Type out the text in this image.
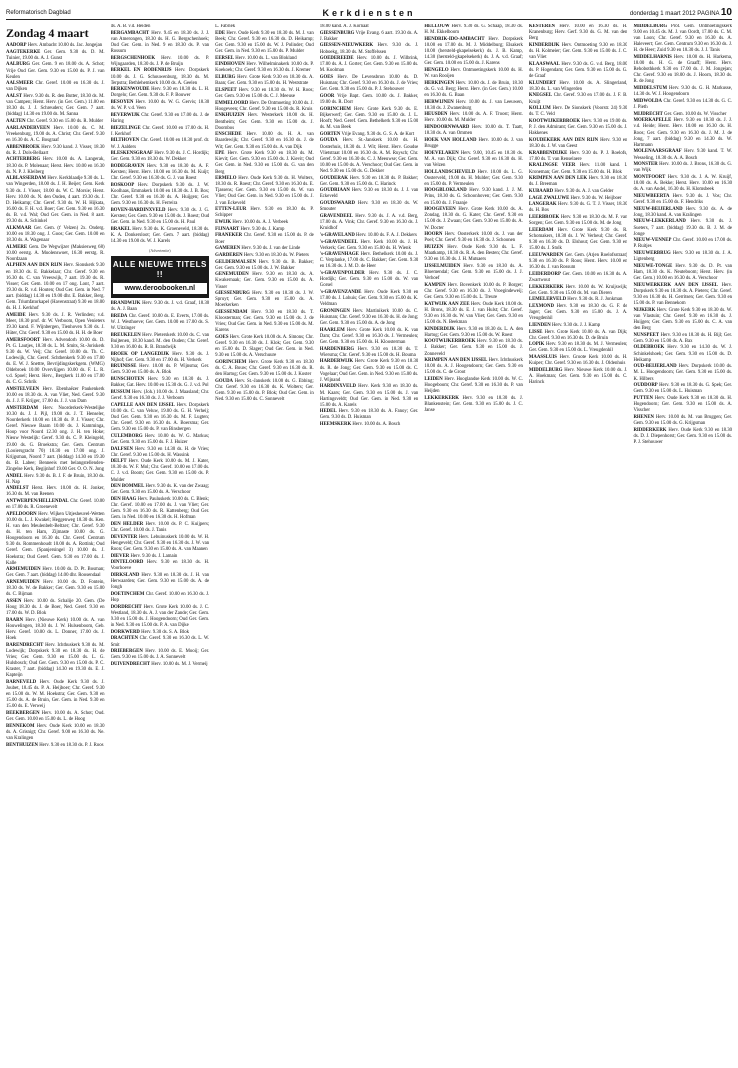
Reformatorisch Dagblad	Kerkdiensten	donderdag 1 maart 2012 PAGINA 10
Zondag 4 maart

AADORP Herv. Ambacht 10.00 ds. Jac. Jongejan

AAGTEKERKE Ger. Gem. 9.30 ds. D. M. Tuinier, 19.00 ds. A. J. Gunst

AALBURG Ger. Gem. 9 en 18.00 ds. A. Schot; Vrije Oud Ger. Gem. 9.30 en 15.00 ds. P. J. van Keulen

AALSMEER Chr. Geref. 10.00 en 16.30 ds. J. van Dijken

AALST Herv. 9.30 ds. R. den Butter, 18.30 ds. M. van Campen; Herst. Herv. (in Ger. Gem.) 11.00 en 18.30 ds. J. J. Schreuders; Ger. Gem. 7 aart. (biddag) 14.30 en 19.00 ds. M. Sanna

AALTEN Chr. Geref. 9.30 en 15.00 ds. R. Mulder

AARLANDERVEEN Herv. 10.00 ds. C. M. Vreekenburg, 19.00 ds. A. Christ; Chr. Geref. 9.30 en 16.30 ds. A. C. Bosgraaf

ABBENBROEK Herv. 9.30 kand. J. Visser, 18.30 ds. R. J. Dols-Bellaart

ACHTERBERG Herv. 10.00 ds. A. Langerak, 18.30 ds. P. Molenaar; Herst. Herv. 10.00 en 16.30 ds. N. P. J. Kleiberg

ALBLASSERDAM Herv. Kerkblaadje 9.30 ds. L. van Wingerden, 18.00 ds. J. H. Beijer; Gem. Kerk 9.30 ds. J. Visser, 18.00 ds. W. C. Morsie; Herst. Herv. 10.00 ds. N. den Ouden, 4 aart. 19.30 ds. J. D. Heikamp; Chr. Geref. 9.30 ds. W. H. Hijkata, 16.00 ds. F. H. v.d. Boer; Ger. Gem. 9.30 en 16.30 ds. B. v.d. Wal; Oud Ger. Gem. in Ned. 8 aart. 19.30 ds. A. Schinkel

ALKMAAR Ger. Gem. (t' Velzen) 2x. Onderg. 10.00 en 18.30 ong. J. Goos; Ger. Gem. 10.00 en 18.30 ds. A. Wagenaar

ALMERE Gem. De Wegwijzer (Maksiesweg 68) 10.00 eerstg. A. Moolenswoet, 16.30 eerstg. R. Noordzaan

ALPHEN AAN DEN RIJN Herv. Sionskerk 9.30 en 18.30 ds. E. Bakkelaar; Chr. Geref. 9.30 en 16.30 ds. C. van Vreeswijk, 7 aart. 19.30 ds. R. Visser; Ger. Gem. 10.00 en 17 ong. Lont, 7 aart. 19.30 ds. R. v.d. Houten; Oud Ger. Gem. in Ned. 7 aart. (biddag) 14.30 en 19.00 dhr. E. Bakker, Berg. Gem. Triumfatorkapel (Havenstraat) 9.30 en 18.00 ds. H. J. Kerkhof

AMEIDE Herv. 9.30 ds. J. R. Verlinden; v.d. Meer, 18.30 prof. dr. W. Verboom, Open Venieters 19.30 kand. F. Wijnbergen, Tienhoven 9.30 ds. J. Hüter, Chr. Geref. 9.30 en 15.00 ds. H. H. de Boer

AMERSFOORT Herv. Advendorh 10.00 ds. D. Pt. G. Lautjes, 18.30 ds. L. M. Smits, St.-Joriskerk 9.30 ds. W. Veij; Chr. Geref. 10.00 ds. Th. C. Lodewijk, Chr. Geref. Schthenkerk 9.30 en 17.00 ds. E. W. J. Snettre, Bevrijdingskerkgem. (WMG) Oldebroek 10.00 Overvlijgen 10.00 ds. F. L. R. v.d. Spoel; Herst. Herv., Bergkerk 11.00 en 17.00 ds. C. G. Schrik

AMSTELVEEN Herv. Ebenhaëzer Paukenkerk 10.00 en 18.30 ds. A. van Vliet, Ned. Geref. 9.30 ds. J. J. F. Krijger, 17.00 ds. J. J. van Dam

AMSTERDAM Herv. Noorderkerk-Westelijke 10.30 ds. J. J. Pijl, 19.00 ds. J. T. Henseler, Noorderkerk 10.00 en 18.30 ds. P. J. Visser; Chr. Geref. Nieuwe Baarn 10.00 ds. J. Kamminga, Hoop voor Noord 12.30 ong. J. H. ten Hoke; Nieuw Westelijk: Geref. 9.30 ds. C. P. Kleingeld, 19.00 ds. G. Broekstra; Ger. Gem. Centrum (Looiersgracht 70) 10.30 en 17.00 ong. J. Krijgsman, Noord 7 aart. (biddag) 14.30 en 19.30 ds. B. Labee; Benneeis met belangstellenden-Zingelse Kerk, Begijnhof 19.00 Ger. O. O. N. Jong

ANDEL Herv. 9.30 ds. B. J. F. de Bruin, 18.30 ds. H. Nap

ANDELST Herst. Herv. 10.00 ds. H. Jonker, 16.30 ds. M. van Reenen

ANTWERPEN/HELLENDAL Chr. Geref. 10.00 en 17.00 ds. R. Groenevelt

APELDOORN Herv. Wijken Uitjesheuvel-Wetten 10.00 ds. L. J. Kwakel; Heggenweg 18.30 ds. Ken. H. van den Meulenbelt-Beltzer; Chr. Geref. 9.30 ds. H. ten Ham, Zijmaste 10.00 ds. G. Hoogendoorn en 16.30 ds. Chr. Geref. Centrum 9.30 ds. Rommenhoudt 10.00 ds. A. Rottink; Oud Geref. Gem. (Spanjersingel 3) 10.00 ds. J. Hoekstra; Oud Geref. Gem. 9.30 en 17.00 ds. J. Kalle

ARMEMUIDEN Herv. 10.00 ds. D. Pt. Bosman; Ger. Gem. 7 aart. (biddag) 14.00 dhr. Roosendaal

ARNEMUIDEN Herv. 10.00 ds. D. Fontein, 18.30 ds. W. de Bakker; Ger. Gem. 9.30 en 15.00 ds. C. Bijman

ASSEN Herv. 10.00 ds. Schalije 20. Gem. (De Hoog 18.30 ds. J. de Boer, Ned. Geref. 9.30 en 17.00 ds. W. D. Blok

BAARN Herv. (Nieuwe Kerk) 10.00 ds. A. van Houwelingen, 18.30 ds. J. W. Hulsenboom, Geb. Herv. Geref. 10.00 ds. L. Donner, 17.00 ds. J. Hoek

BARENDRECHT Herv. Ichthuskerk 9.30 ds. M. Lodewijk; Dorpskerk 9.30 en 18.30 ds. H. de Vries; Ger. Gem. 9.30 en 15.00 ds. L. G. Hulsbosch; Oud Ger. Gem. 9.30 en 15.00 ds. P. C. Kraster, 7 aart. (biddag) 14.30 en 19.30 ds. E. J. Kapteijn

BARNEVELD Herv. Oude Kerk 9.30 ds. J. Joubet, 18.45 ds. P. A. Heijboer; Chr. Geref. 9.30 en 15.00 ds. W. M. Hoekstra; Ger. Gem. 9.30 en 15.00 ds. A. de Bruin, Ger. Gem. in Ned. 9.30 en 15.00 ds. E. Verweij

BEEKBERGEN Herv. 10.00 ds. A. Schot; Oud. Ger. Gem. 10.00 en 15.00 ds. L. de Hoog

BENNEKOM Herv. Oude Kerk 10.00 en 18.30 ds. A. Grisnigt; Chr. Geref. 9.00 en 16.30 ds. Ne. van Kralingen

BENTHUIZEN Herv. 9.30 en 18.30 ds. P. J. Roos

ds. A. B. v.d. Heiden

BERGAMBACHT Herv. 9.45 en 18.30 ds. J. J. van Amerongen, 18.30 ds. H. G. Bergschenhoek; Oud Ger. Gem. in Ned. 9 en 18.30 ds. P. van Rossum

BERGSCHENHOEK Herv. 10.00 ds. P. Wijngaarden, 18.30 ds. J. P. de Bruijn

BERKEL EN RODENRIJS Herv. Dorpskerk 10.00 ds. J. G. Schouwenburg, 18.30 ds. M. Terpstra; Bethlehemkerk 10.00 ds. A. Geelen

BERKENWOUDE Herv. 9.30 en 18.30 ds. L. H. Dorgelo; Ger. Gem. 9.30 ds. F. P. Bouwer

BESOYEN Herv. 10.00 ds. W. G. Gervis; 18.30 ds. W. P. v.d. Veen

BEVERWIJK Chr. Geref. 9.30 en 17.00 ds. J. de Haring

BIEZELINGE Chr. Geref. 10.00 en 17.00 ds. H. J. Kerkhof

BILTHOVEN Chr. Geref. 10.00 en 18.30 prof. dr. W. J. Aalders

BLESKENSGRAAF Herv. 9.30 ds. J. C. Hordijk; Ger. Gem. 9.30 en 18.30 ds. W. Dekker

BODEGRAVEN Herv. 9.30 en 18.30 ds. A. F. Kersten; Herst. Herv. 10.00 en 16.30 ds. M. Kuijt; Chr. Geref. 9.30 en 16.30 ds. G. J. van Roest

BOSKOOP Herv. Dorpskerk 9.30 ds. J. W. Koolhaas, Emmakerk 10.00 en 18.30 ds. J. B. Bos; Chr. Geref. 9.30 en 16.30 ds. A. Huijgen; Ger. Gem. 9.30 en 16.30 ds. H. Ferreira

BOVEN-HARDINXVELD Herv. 9.30 ds. J. G. Kersten; Ger. Gem. 9.30 en 15.00 ds. J. Roest; Oud Ger. Gem. in Ned. 9.30 en 15.00 ds. H. Paul

BRAKEL Herv. 9.30 ds. K. Groeneveld, 18.30 ds. K. A. Donkersloot; Ger. Gem. 7 aart. (biddag) 14.30 en 19.00 ds. W. J. Karels

(Advertentie)
ALLE NIEUWE TITELS !!
www.deroobooken.nl

BRANDWIJK Herv. 9.30 ds. J. v.d. Graaf, 18.30 ds. A. J. Baan

BREDA Chr. Geref. 10.00 ds. E. Everts, 17.00 ds. W. J. Westhoeve; Ger. Gem. 10.00 en 17.00 ds. S. W. Uitzinger

BREUKELEN Herv. Pieterskerk 10.00 ds. C. van Buijtenen, 18.30 kand. M. den Ouden; Chr. Geref. 9.30 en 16.00 ds. R. B. Brandwijk

BROEK OP LANGEDIJK Herv. 9.30 ds. J. Nijhof; Ger. Gem. 9.30 en 17.00 ds. H. Verkerk

BRUINISSE Herv. 10.00 ds. P. Wijnsma; Ger. Gem. 9.30 en 15.00 ds. A. Blok

BUNSCHOTEN Herv. 9.30 en 18.30 ds. J. Bakker, Gat. Herv. 10.00 en 15.30 ds. G. J. v.d. Pol

BUSSUM Herv. (Joh.) 10.00 ds. J. Maasland; Chr. Geref. 9.30 en 16.30 ds. J. J. Verboom

CAPELLE AAN DEN IJSSEL Herv. Dorpskerk 10.00 ds. C. van Veluw, 19.00 ds. G. H. Verheij; Oud Ger. Gem. 9.30 en 16.30 ds. M. F. Lugten; Chr. Geref. 9.30 en 16.30 ds. A. Boersma; Ger. Gem. 9.30 en 15.00 ds. P. van Binsbergen

CULEMBORG Herv. 10.00 ds. W. G. Markus; Ger. Gem. 9.30 en 15.00 ds. F. J. Huizer

DALFSEN Herv. 9.30 en 14.30 ds. H. de Vries; Chr. Geref. 9.30 en 15.00 ds. H. Wassink

DELFT Herv. Oude Kerk 10.00 ds. M. J. Kater, 18.30 ds. W. F. Mol; Chr. Geref. 10.00 en 17.00 ds. C. J. v.d. Boom; Ger. Gem. 9.30 en 15.00 ds. P. Mulder

DEN BOMMEL Herv. 9.30 ds. K. van der Zwaag; Ger. Gem. 9.30 en 15.00 ds. A. Verschoor

DEN HAAG Herv. Pauluskerk 10.00 ds. C. Blenk; Chr. Geref. 10.00 en 17.00 ds. J. van Vliet; Ger. Gem. 9.30 en 16.30 ds. R. Kattenberg; Oud Ger. Gem. in Ned. 10.00 en 16.30 ds. H. Hofman

DEN HELDER Herv. 10.00 ds. P. C. Kuijpers; Chr. Geref. 10.00 ds. J. Tanis

DEVENTER Herv. Lebuinuskerk 10.00 ds. W. H. Hengeveld; Chr. Geref. 9.30 en 16.30 ds. J. W. van Roon; Ger. Gem. 9.30 en 15.00 ds. A. van Maanen

DIEVER Herv. 9.30 ds. J. Lamain

DINTELOORD Herv. 9.30 en 18.30 ds. H. Voorhoeve

DIRKSLAND Herv. 9.30 en 18.30 ds. J. H. van Herwaarden; Ger. Gem. 9.30 en 15.00 ds. A. de Jongh

DOETINCHEM Chr. Geref. 10.00 en 16.30 ds. J. Hop

DORDRECHT Herv. Grote Kerk 10.00 ds. J. C. Westland, 18.30 ds. A. J. van der Zande; Ger. Gem. 9.30 en 15.00 ds. J. Hoogendoorn; Oud Ger. Gem. in Ned. 9.30 en 15.00 ds. P. A. van Dijke

DORKWERD Herv. 9.30 ds. S. A. Blok

DRACHTEN Chr. Geref. 9.30 en 16.30 ds. L. W. Smit

DRIEBERGEN Herv. 10.00 ds. E. Mooij; Ger. Gem. 9.30 en 15.00 ds. J. A. Sonnevelt

DUIVENDRECHT Herv. 10.00 ds. M. J. Vermeij

L. Fabriek

EDE Herv. Oude Kerk 9.30 en 18.30 ds. M. J. van Beek; Chr. Geref. 9.30 en 16.30 ds. D. Heikamp; Ger. Gem. 9.30 en 15.00 ds. W. J. Polinder; Oud Ger. Gem. in Ned. 9.30 en 15.00 ds. P. Mulder

EERSEL Herv. 10.00 ds. L. van Blokland

EINDHOVEN Herv. Wilhelminakerk 10.00 ds. P. Koekoek; Chr. Geref. 9.30 en 16.30 ds. J. Kremer

ELBURG Herv. Grote Kerk 9.30 en 18.30 ds. A. Baan; Ger. Gem. 9.30 en 15.00 ds. H. Weststrate

ELSPEET Herv. 9.30 en 18.30 ds. W. H. Roos; Ger. Gem. 9.30 en 15.00 ds. C. J. Meeuse

EMMELOORD Herv. De Ontmoeting 10.00 ds. J. Hoogeveen; Chr. Geref. 9.30 en 15.00 ds. R. Kruis

ENKHUIZEN Herv. Westerkerk 10.00 ds. H. Bentheim; Ger. Gem. 9.30 en 15.00 ds. J. Doornbos

ENSCHEDE Herv. 10.00 ds. H. A. van Baardewijk; Chr. Geref. 9.30 en 16.30 ds. J. de Wit; Ger. Gem. 9.30 en 15.00 ds. A. van Dijk

EPE Herv. Grote Kerk 9.30 en 18.30 ds. M. Kievit; Ger. Gem. 9.30 en 15.00 ds. J. Kievit; Oud Ger. Gem. in Ned. 9.30 en 15.00 ds. G. van den Berg

ERMELO Herv. Oude Kerk 9.30 ds. H. Wolters, 18.30 ds. R. Roest; Chr. Geref. 9.30 en 16.30 ds. E. Tjassens; Ger. Gem. 9.30 en 15.00 ds. W. van Vliet; Oud Ger. Gem. in Ned. 9.30 en 15.00 ds. J. J. van Eckeveld

ETTEN-LEUR Herv. 9.30 en 18.30 ds. P. Schipper

EWIJK Herv. 10.00 ds. A. J. Verbeek

FIJNAART Herv. 9.30 ds. J. Kamp

FRANEKER Chr. Geref. 9.30 en 15.00 ds. P. de Boer

GAMEREN Herv. 9.30 ds. J. van der Linde

GARDEREN Herv. 9.30 en 18.30 ds. W. Pieters

GELDERMALSEN Herv. 9.30 ds. B. Bakker; Ger. Gem. 9.30 en 15.00 ds. J. W. Bakker

GENEMUIDEN Herv. 9.30 en 18.30 ds. A. Kwakernaak; Ger. Gem. 9.30 en 15.00 ds. A. Visser

GIESSENBURG Herv. 9.30 en 18.30 ds. J. W. Spruyt; Ger. Gem. 9.30 en 15.00 ds. A. Moerkerken

GIESSENDAM Herv. 9.30 en 18.30 ds. T. Kloosterman; Ger. Gem. 9.30 en 15.00 ds. J. de Vries; Oud Ger. Gem. in Ned. 9.30 en 15.00 ds. M. Karens

GOES Herv. Grote Kerk 10.00 ds. A. Simons; Chr. Geref. 9.30 en 16.30 ds. J. Klok; Ger. Gem. 9.30 en 15.00 ds. D. Slager; Oud Ger. Gem. in Ned. 9.30 en 15.00 ds. A. Verschuure

GORINCHEM Herv. Grote Kerk 9.30 en 18.30 ds. C. A. Bouw; Chr. Geref. 9.30 en 16.30 ds. R. den Hartog; Ger. Gem. 9.30 en 15.00 ds. J. Koster

GOUDA Herv. St.-Janskerk 10.00 ds. G. Ebbing; Chr. Geref. 9.30 en 16.30 ds. K. Wolters; Ger. Gem. 9.30 en 15.00 ds. P. Blok; Oud Ger. Gem. in Ned. 9.30 en 15.00 ds. C. Sonnevelt

18.00 kand. A. J. Kornaat

GIESSENBURG Vrije Evang. 6 aart. 19.30 ds. A. J. Bakker

GIESSEN-NIEUWKERK Herv. 9.30 ds. J. Hoboekg, 18.30 ds. M. Stoffelssen

GOEDEREEDE Herv. 10.00 ds. J. Wilbrink, 17.00 ds. A. J. Gorter; Ger. Gem. 9.30 en 15.00 ds. M. Koolman

GOES Herv. De Levensbron 10.00 ds. D. Huisman; Chr. Geref. 9.30 en 16.30 ds. J. de Vries; Ger. Gem. 9.30 en 15.00 ds. P. J. Stehouwer

GOOR Vrije Bapt. Gem. 10.00 ds. J. Bakker, 19.00 ds. R. Dorr

GORINCHEM Herv. Grote Kerk 9.30 ds. E. Bijkerwerf; Ger. Gem. 9.30 en 15.00 ds. J. L. Hooft; Ned. Geref. Gem. Bethelkerk 9.30 en 15.00 ds. M. van Beek

GORTEN Vrije Evang. 9.30 ds. G. S. A. de Kort

GOUDA Herv. St.-Janskerk 10.00 ds. H. Oosterhuis, 18.30 ds. J. Wit; Herst. Herv. Goudse Vlietstraat 10.00 en 16.30 ds. A. M. Ruysch; Chr. Geref. 9.30 en 16.30 ds. C. J. Meeuwse; Ger. Gem. 10.00 en 15.00 ds. A. Verschoor; Oud Ger. Gem. in Ned. 9.30 en 15.00 ds. G. Dekker

GOUDERAK Herv. 9.30 en 18.30 ds. P. Bakker; Ger. Gem. 9.30 en 15.00 ds. C. Harinck

GOUDRIAAN Herv. 9.30 en 18.30 ds. J. J. van Eckeveld

GOUDSWAARD Herv. 9.30 en 18.30 ds. W. Smouter

GRAVENDEEL Herv. 9.30 ds. J. A. v.d. Berg, 17.00 ds. A. Vink; Chr. Geref. 9.30 en 16.30 ds. J. Kruidhof

's-GRAVELAND Herv. 10.00 ds. F. A. J. Dekkers

's-GRAVENDEEL Herv. Kerk 10.00 ds. J. H. Verkerk; Ger. Gem. 9.30 en 15.00 ds. H. Wienk

's-GRAVENHAGE Herv. Bethelkerk 10.00 ds. J. C. Verplanke, 17.00 ds. C. Bakker; Ger. Gem. 9.30 en 16.30 ds. J. M. D. de Heer

's-GRAVENPOLDER Herv. 9.30 ds. J. C. Hordijk; Ger. Gem. 9.30 en 15.00 ds. W. van Gorsel

's-GRAVENZANDE Herv. Oude Kerk 9.30 en 17.00 ds. J. Lohuis; Ger. Gem. 9.30 en 15.00 ds. K. Veldman

GRONINGEN Herv. Martinikerk 10.00 ds. C. Huisman; Chr. Geref. 9.30 en 16.30 ds. H. de Jong; Ger. Gem. 9.30 en 15.00 ds. A. de Jong

HAARLEM Herv. Grote Kerk 10.00 ds. K. van Dam; Chr. Geref. 9.30 en 16.30 ds. J. Vermeulen; Ger. Gem. 9.30 en 15.00 ds. H. Kloosterman

HARDENBERG Herv. 9.30 en 18.30 ds. T. Wiersma; Chr. Geref. 9.30 en 15.00 ds. H. Bouma

HARDERWIJK Herv. Grote Kerk 9.30 en 18.30 ds. R. de Jong; Ger. Gem. 9.30 en 15.00 ds. C. Vogelaar; Oud Ger. Gem. in Ned. 9.30 en 15.00 ds. J. Wijnand

HARDINXVELD Herv. Kerk 9.30 en 18.30 ds. M. Kaars; Ger. Gem. 9.30 en 15.00 ds. J. van Hartingsveldt; Oud Ger. Gem. in Ned. 9.30 en 15.00 ds. A. Karels

HEDEL Herv. 9.30 en 18.30 ds. A. Fanoy; Ger. Gem. 9.30 ds. D. Huisman

HEEMSKERK Herv. 10.00 ds. A. Bosch

HELLOUW Herv. 9.30 ds. G. Schaap, 18.30 ds. H. M. Ekkelboom

HENDRIK-IDO-AMBACHT Herv. Dorpskerk 10.00 en 17.00 ds. M. J. Middelburg; Elsakerk 10.00 (hersteld-gkapelsekerk) ds. J. B. Kamp, 14.30 (hersteld-gkapelsekerk) ds. J. A. v.d. Graaf; Ger. Gem. 10.00 en 15.00 ds. J. Karens

HENGELO Herv. Ontmoetingskerk 10.00 ds. H. W. van Rooijen

HERKINGEN Herv. 10.00 ds. J. de Bruin, 18.30 ds. G. v.d. Berg; Herst. Herv. (in Ger. Gem.) 10.00 en 16.30 ds. G. Baan

HERWIJNEN Herv. 10.00 ds. J. van Leeuwen, 18.30 ds. J. Zwanenburg

HEUSDEN Herv. 10.00 ds. A. F. Troost; Herst. Herv. 10.00 ds. M. Mulder

HINDOORNWAARD Herv. 10.00 ds. T. Taatt, 18.30 ds. A. van Ommen

HOEK VAN HOLLAND Herv. 10.00 ds. J. van Brugge

HOEVELAKEN Herv. 9.00, 10.45 en 18.30 ds. M. A. van Dijk; Chr. Geref. 9.30 en 16.30 ds. H. van Velzen

HOLLANDSCHEVELD Herv. 10.00 ds. L. G. Oosterveld, 19.00 ds. H. Mulder; Ger. Gem. 9.30 en 15.00 ds. P. Vermeulen

HOOGBLOKLAND Herv. 9.30 kand. J. J. M. Prins, 18.30 ds. G. Schoonhoven; Ger. Gem. 9.30 en 15.00 ds. J. Fraanje

HOOGEVEEN Herv. Grote Kerk 10.00 ds. A. Zondag, 18.30 ds. G. Kater; Chr. Geref. 9.30 en 15.00 ds. J. Zwaan; Ger. Gem. 9.30 en 15.00 ds. A. W. Docter

HOORN Herv. Oosterkerk 10.00 ds. J. van der Poel; Chr. Geref. 9.30 en 16.30 ds. J. Schoonen

HUIZEN Herv. Oude Kerk 9.30 ds. L. F. Maatkamp, 18.30 ds. R. A. den Besten; Chr. Geref. 9.30 en 16.30 ds. J. H. Mutsaers

IJSSELMUIDEN Herv. 9.30 en 18.30 ds. A. Bloemendal; Ger. Gem. 9.30 en 15.00 ds. J. J. Verhoef

KAMPEN Herv. Bovenkerk 10.00 ds. P. Borger; Chr. Geref. 9.30 en 16.30 ds. J. Vroegindeweij; Ger. Gem. 9.30 en 15.00 ds. L. Treure

KATWIJK AAN ZEE Herv. Oude Kerk 10.00 ds. H. Brons, 18.30 ds. E. J. van Hulst; Chr. Geref. 9.30 en 16.30 ds. W. van Vliet; Ger. Gem. 9.30 en 15.00 ds. N. Beekman

KINDERDIJK Herv. 9.30 en 18.30 ds. L. A. den Hartog; Ger. Gem. 9.30 en 15.00 ds. W. Roest

KOOTWIJKERBROEK Herv. 9.30 en 18.30 ds. J. Bakker; Ger. Gem. 9.30 en 15.00 ds. J. Zonneveld

KRIMPEN AAN DEN IJSSEL Herv. Ichthuskerk 10.00 ds. A. J. Hoogendoorn; Ger. Gem. 9.30 en 15.00 ds. C. de Groot

LEIDEN Herv. Hooglandse Kerk 10.00 ds. W. C. Hoogeboom; Chr. Geref. 9.30 en 16.30 ds. P. van Heijden

LEKKERKERK Herv. 9.30 en 18.30 ds. J. Blankenstein; Ger. Gem. 9.30 en 15.00 ds. J. C. Janse

KESTEREN Herv. 10.00 en 16.30 ds. H. Kranenburg; Herv. Gerf. 9.30 ds. G. M. van den Berg

KINDERDIJK Herv. Ontmoeting 9.30 en 18.30 ds. H. Kolmeier; Ger. Gem. 9.30 en 15.00 ds. J. C. van Vliet

KLAASWAAL Herv. 9.30 ds. G. v.d. Berg, 18.00 ds. P. Hogendam; Ger. Gem. 9.30 en 15.00 ds. G. de Graaf

KLUNDERT Herv. 10.00 ds. A. Slingerland, 18.30 ds. L. van Wingerden

KNEGSEL Chr. Geref. 9.30 en 17.00 ds. J. F. B. Kruijt

KOLLUM Herv. De Sionskerk (Voorstr. 24) 9.30 ds. T. C. Veld

KOOTWIJKERBROEK Herv. 9.30 en 19.00 ds. P. J. den Admirant; Ger. Gem. 9.30 en 15.00 ds. J. Hakkenes

KOUDEKERK AAN DEN RIJN Herv. 9.30 en 18.30 ds. J. W. van Geest

KRABBENDIJKE Herv. 9.30 ds. P. J. Roelofs, 17.00 ds. T. van Renselaere

KRALINGSE VEER Herv. 11.00 kand. I. Kroneman; Ger. Gem. 9.30 en 15.00 ds. H. Blok

KRIMPEN AAN DEN LEK Herv. 9.30 en 18.30 ds. J. Breeman

KUBAARD Herv. 9.30 ds. A. J. van Gelder

LAGE ZWALUWE Herv. 9.30 ds. W. Heijboer

LANGERAK Herv. 9.30 ds. G. T. J. Visser, 18.30 ds. H. Bos

LEERBROEK Herv. 9.30 en 18.30 ds. M. F. van Sorgen; Ger. Gem. 9.30 en 15.00 ds. M. de Jong

LEERDAM Herv. Grote Kerk 9.30 ds. R. Schomakers, 18.30 ds. J. W. Verheul; Chr. Geref. 9.30 en 16.30 ds. D. Elshout; Ger. Gem. 9.30 en 15.00 ds. J. Stolk

LEEUWARDEN Ger. Gem. (Arjen Roelofsstraat) 9.30 en 16.30 ds. P. Roos; Herst. Herv. 10.00 en 16.30 ds. J. van Rossum

LEIDERDORP Ger. Gem. 10.00 en 16.30 ds. A. Zwartwout

LEKKERKERK Herv. 10.00 ds. W. Kruijswijk; Ger. Gem. 9.30 en 15.00 ds. M. van Dieren

LEMELERVELD Herv. 9.30 ds. R. J. Jonkman

LEXMOND Herv. 9.30 en 18.30 ds. G. F. de Jager; Ger. Gem. 9.30 en 15.00 ds. J. A. Vreugdenhil

LIENDEN Herv. 9.30 ds. J. J. Kamp

LISSE Herv. Grote Kerk 10.00 ds. A. van Dijk; Chr. Geref. 9.30 en 16.30 ds. D. de Bruin

LOPIK Herv. 9.30 en 18.30 ds. M. J. Vermeulen; Ger. Gem. 9.30 en 15.00 ds. L. Vreugdenhil

MAASSLUIS Herv. Groote Kerk 10.00 ds. H. Kuiper; Chr. Geref. 9.30 en 16.30 ds. J. Oldenhuis

MIDDELBURG Herv. Nieuwe Kerk 10.00 ds. J. A. Hoekman; Ger. Gem. 9.30 en 15.00 ds. C. Harinck

MIDDELBURG Prot. Gem. Ontmoetingskerk 9.00 en 10.45 ds. M. J. van Oordt, 17.00 ds. C. M. van Loon; Chr. Geref. 9.30 en 16.30 ds. A. Haleveert; Ger. Gem. Centrum 9.30 en 16.30 ds. J. H. de Heer; Zuid 9.30 en 18.30 ds. J. J. Tanis

MIDDELHARNIS Herv. 10.00 ds. H. Harkema, 18.00 ds. H. G. de Graaff; Herst. Herv. Rehobothkerk 9.30 en 17.00 ds. J. M. Jongejan; Chr. Geref. 9.30 en 18.00 ds. J. Hoorn, 18.30 ds. R. de Jong

MIDDELSTUM Herv. 9.30 ds. G. H. Markusse, 14.30 ds. W. J. Hoogendoorn

MIDWOLDA Chr. Geref. 9.30 en 14.30 ds. G. C. J. Pieth

MIJDRECHT Ger. Gem. 10.00 ds. W. Visscher

MOERKAPELLE Herv. 9.30 en 18.30 ds. J. J. v.d. Heide; Herst. Herv. 10.00 en 16.30 ds. H. Roos; Ger. Gem. 9.30 en 16.30 ds. J. M. J. de Jong, 7 aart. (biddag) 9.30 en 14.30 ds. W. Hartmann

MOLENAARSGRAAF Herv. 9.30 kand. T. W. Wesseling, 18.30 ds. A. A. Bosch

MONSTER Herv. 10.00 ds. J. Brons, 16.30 ds. G. van Wijk

MONTFOORT Herv. 9.30 ds. J. A. W. Kruijf, 18.00 ds. A. Bekke; Herst. Herv. 10.00 en 16.30 ds. A. van Andel, 16.30 ds. H. Klomsbeek

NIEUWBEERTA Herv. 9.30 ds. J. Vos; Chr. Geref. 9.30 en 15.00 ds. F. Hendriks

NIEUW-BEIJERLAND Herv. 9.30 ds. A. de Jong, 18.30 kand. A. van Kralingen

NIEUW-LEKKERLAND Herv. 9.30 ds. J. Sueters, 7 aart. (biddag) 19.30 ds. B. J. M. de Jonge

NIEUW-VENNEP Chr. Geref. 10.00 en 17.00 ds. P. Ruitjes

NIEUWERBRUG Herv. 9.30 en 18.30 ds. J. A. Ligtenberg

NIEUWE-TONGE Herv. 9.30 ds. D. Pt. van Ham, 18.30 ds. K. Neuteboom; Herst. Herv. (in Ger. Gem.) 10.00 en 16.30 ds. A. Verschoor

NIEUWERKERK AAN DEN IJSSEL Herv. Dorpskerk 9.30 en 18.30 ds. A. Pieters; Chr. Geref. 9.30 en 16.30 ds. H. Gerritsen; Ger. Gem. 9.30 en 15.00 ds. P. van Bennekom

NIJKERK Herv. Grote Kerk 9.30 en 18.30 ds. W. van Vlastuin; Chr. Geref. 9.30 en 16.30 ds. J. Huijgen; Ger. Gem. 9.30 en 15.00 ds. C. A. van den Berg

NUNSPEET Herv. 9.30 en 18.30 ds. H. Bijl; Ger. Gem. 9.30 en 15.00 ds. A. Bax

OLDEBROEK Herv. 9.30 en 14.30 ds. W. J. Schinkelshoek; Ger. Gem. 9.30 en 15.00 ds. D. Heikamp

OUD-BEIJERLAND Herv. Dorpskerk 10.00 ds. M. L. Hoogendoorn; Ger. Gem. 9.30 en 15.00 ds. K. Hilbers

OUDDORP Herv. 9.30 en 18.30 ds. G. Spek; Ger. Gem. 9.30 en 15.00 ds. L. Huisman

PUTTEN Herv. Oude Kerk 9.30 en 18.30 ds. H. Hogendoorn; Ger. Gem. 9.30 en 15.00 ds. A. Visscher

RHENEN Herv. 10.00 ds. M. van Bruggen; Ger. Gem. 9.30 en 15.00 ds. G. Krijgsman

RIDDERKERK Herv. Oude Kerk 9.30 en 18.30 ds. D. J. Diepenhorst; Ger. Gem. 9.30 en 15.00 ds. P. J. Stehouwer
